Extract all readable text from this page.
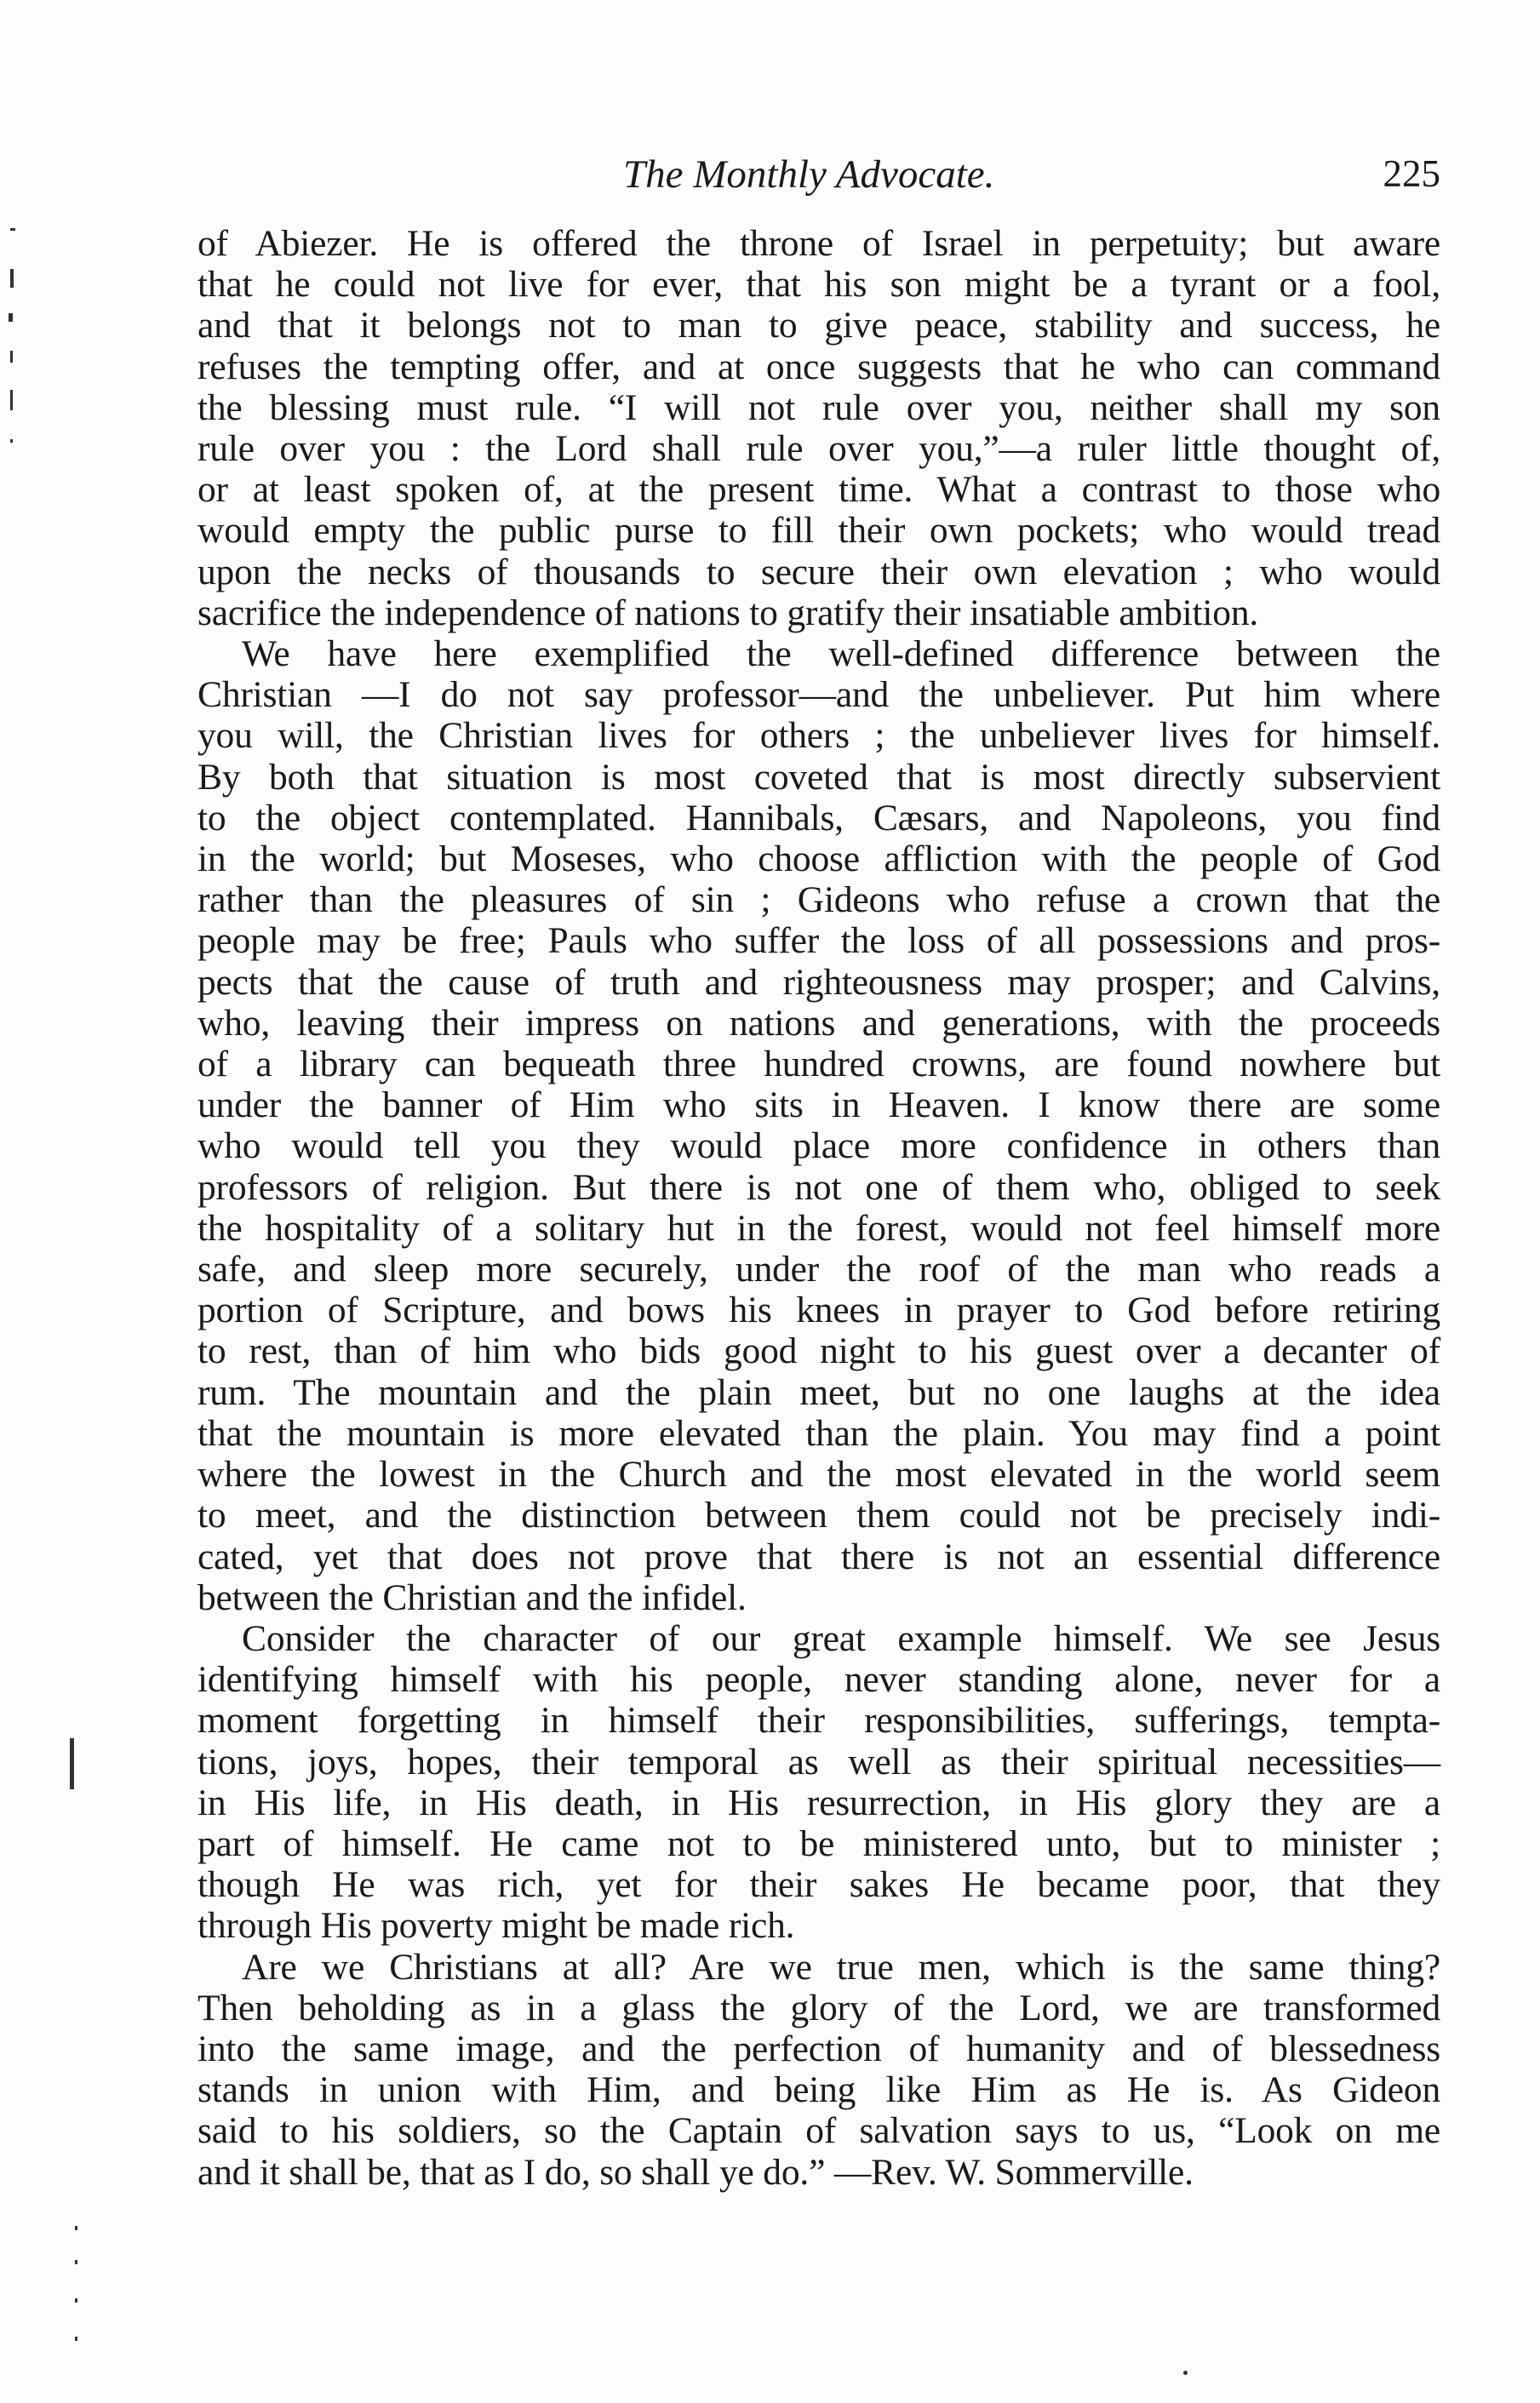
The Monthly Advocate.	225

of Abiezer. He is offered the throne of Israel in perpetuity; but aware
that he could not live for ever, that his son might be a tyrant or a fool,
and that it belongs not to man to give peace, stability and success, he
refuses the tempting offer, and at once suggests that he who can command
the blessing must rule. “I will not rule over you, neither shall my son
rule over you : the Lord shall rule over you,”—a ruler little thought of,
or at least spoken of, at the present time. What a contrast to those who
would empty the public purse to fill their own pockets; who would tread
upon the necks of thousands to secure their own elevation ; who would
sacrifice the independence of nations to gratify their insatiable ambition.

We have here exemplified the well-defined difference between the
Christian —I do not say professor—and the unbeliever. Put him where
you will, the Christian lives for others ; the unbeliever lives for himself.
By both that situation is most coveted that is most directly subservient
to the object contemplated. Hannibals, Cæsars, and Napoleons, you find
in the world; but Moseses, who choose affliction with the people of God
rather than the pleasures of sin ; Gideons who refuse a crown that the
people may be free; Pauls who suffer the loss of all possessions and pros-
pects that the cause of truth and righteousness may prosper; and Calvins,
who, leaving their impress on nations and generations, with the proceeds
of a library can bequeath three hundred crowns, are found nowhere but
under the banner of Him who sits in Heaven. I know there are some
who would tell you they would place more confidence in others than
professors of religion. But there is not one of them who, obliged to seek
the hospitality of a solitary hut in the forest, would not feel himself more
safe, and sleep more securely, under the roof of the man who reads a
portion of Scripture, and bows his knees in prayer to God before retiring
to rest, than of him who bids good night to his guest over a decanter of
rum. The mountain and the plain meet, but no one laughs at the idea
that the mountain is more elevated than the plain. You may find a point
where the lowest in the Church and the most elevated in the world seem
to meet, and the distinction between them could not be precisely indi-
cated, yet that does not prove that there is not an essential difference
between the Christian and the infidel.

Consider the character of our great example himself. We see Jesus
identifying himself with his people, never standing alone, never for a
moment forgetting in himself their responsibilities, sufferings, tempta-
tions, joys, hopes, their temporal as well as their spiritual necessities—
in His life, in His death, in His resurrection, in His glory they are a
part of himself. He came not to be ministered unto, but to minister ;
though He was rich, yet for their sakes He became poor, that they
through His poverty might be made rich.

Are we Christians at all? Are we true men, which is the same thing?
Then beholding as in a glass the glory of the Lord, we are transformed
into the same image, and the perfection of humanity and of blessedness
stands in union with Him, and being like Him as He is. As Gideon
said to his soldiers, so the Captain of salvation says to us, “Look on me
and it shall be, that as I do, so shall ye do.” —Rev. W. Sommerville.
